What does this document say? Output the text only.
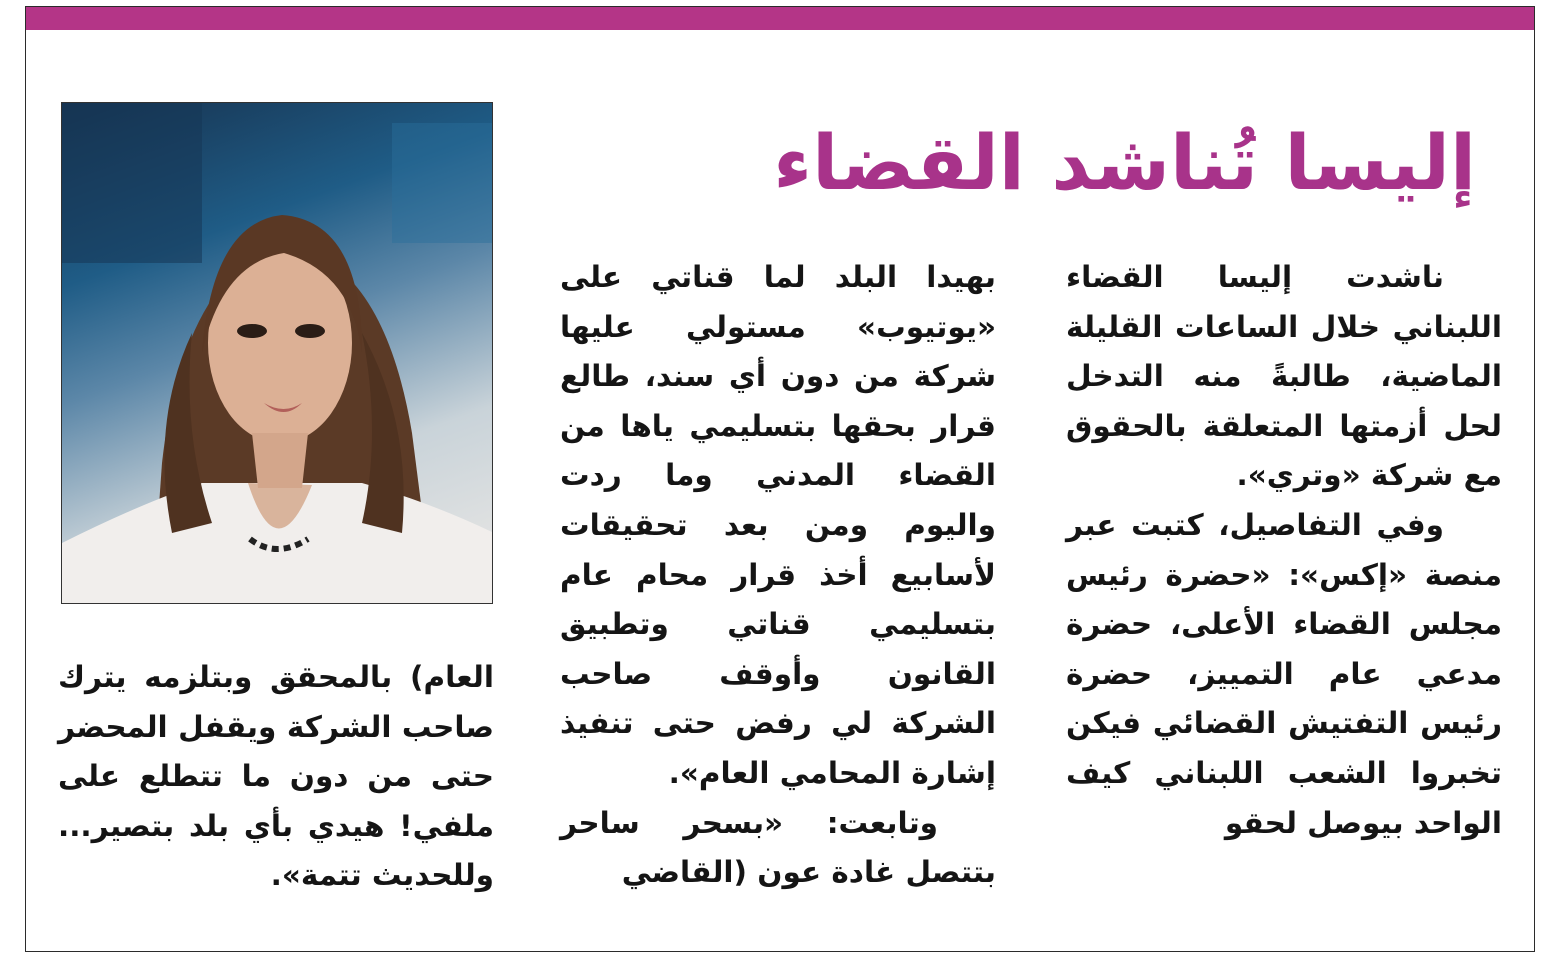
إليسا تُناشد القضاء

ناشدت إليسا القضاء اللبناني خلال الساعات القليلة الماضية، طالبةً منه التدخل لحل أزمتها المتعلقة بالحقوق مع شركة «وتري».

وفي التفاصيل، كتبت عبر منصة «إكس»: «حضرة رئيس مجلس القضاء الأعلى، حضرة مدعي عام التمييز، حضرة رئيس التفتيش القضائي فيكن تخبروا الشعب اللبناني كيف الواحد بيوصل لحقو

بهيدا البلد لما قناتي على «يوتيوب» مستولي عليها شركة من دون أي سند، طالع قرار بحقها بتسليمي ياها من القضاء المدني وما ردت واليوم ومن بعد تحقيقات لأسابيع أخذ قرار محام عام بتسليمي قناتي وتطبيق القانون وأوقف صاحب الشركة لي رفض حتى تنفيذ إشارة المحامي العام».

وتابعت: «بسحر ساحر بتتصل غادة عون (القاضي

العام) بالمحقق وبتلزمه يترك صاحب الشركة ويقفل المحضر حتى من دون ما تتطلع على ملفي! هيدي بأي بلد بتصير... وللحديث تتمة».
